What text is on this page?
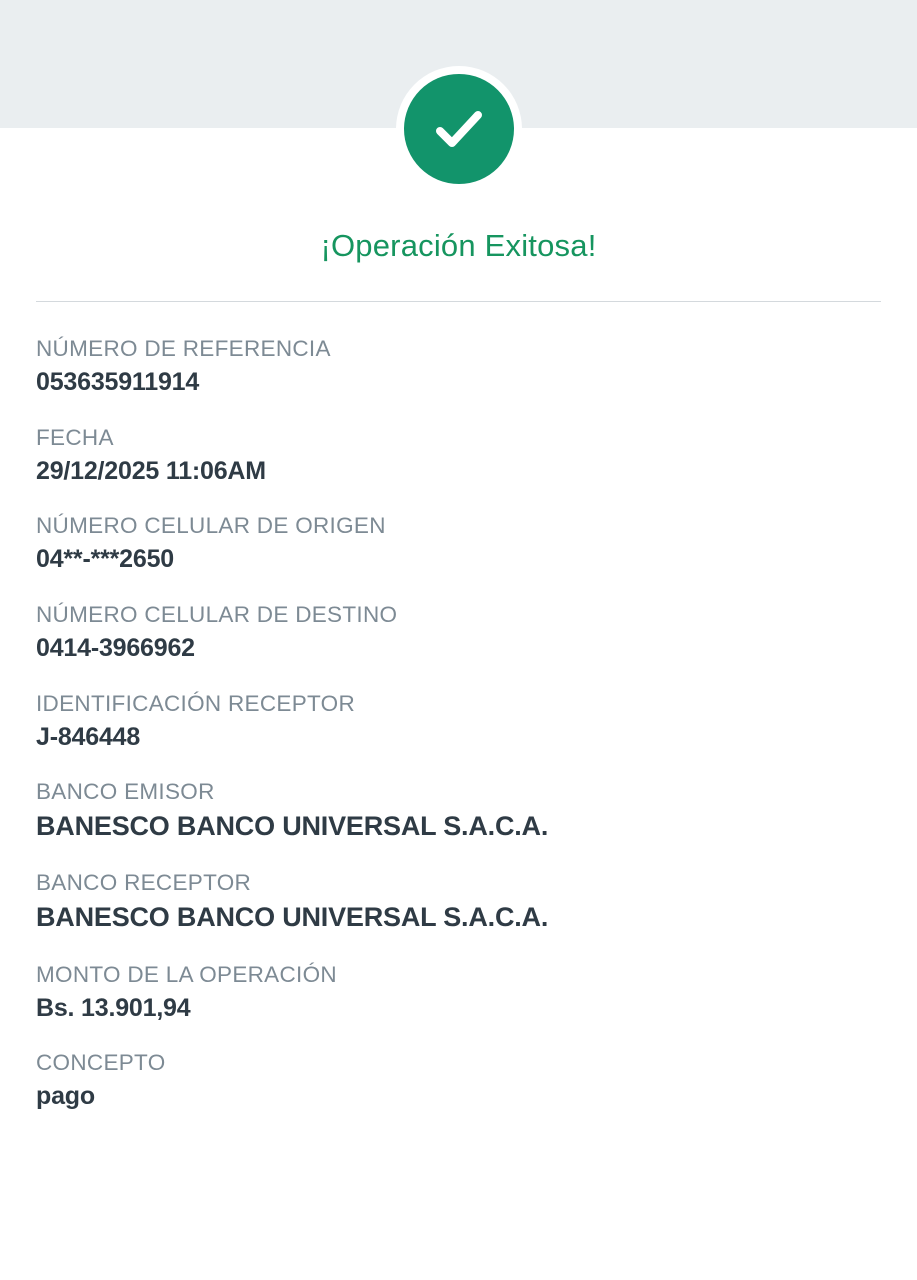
¡Operación Exitosa!
NÚMERO DE REFERENCIA
053635911914
FECHA
29/12/2025 11:06AM
NÚMERO CELULAR DE ORIGEN
04**-***2650
NÚMERO CELULAR DE DESTINO
0414-3966962
IDENTIFICACIÓN RECEPTOR
J-846448
BANCO EMISOR
BANESCO BANCO UNIVERSAL S.A.C.A.
BANCO RECEPTOR
BANESCO BANCO UNIVERSAL S.A.C.A.
MONTO DE LA OPERACIÓN
Bs. 13.901,94
CONCEPTO
pago
